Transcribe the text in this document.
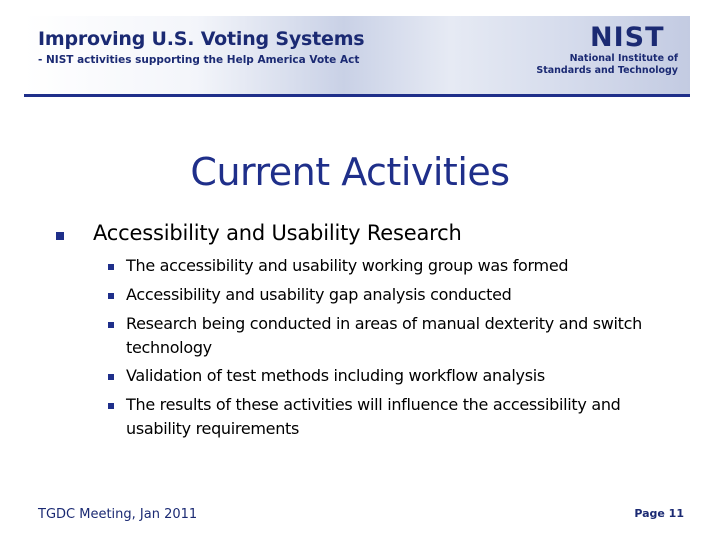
Improving U.S. Voting Systems
- NIST activities supporting the Help America Vote Act
NIST
National Institute of
Standards and Technology
Current Activities
Accessibility and Usability Research
The accessibility and usability working group was formed
Accessibility and usability gap analysis conducted
Research being conducted in areas of manual dexterity and switch technology
Validation of test methods including workflow analysis
The results of these activities will influence the accessibility and usability requirements
TGDC Meeting, Jan 2011	Page 11
